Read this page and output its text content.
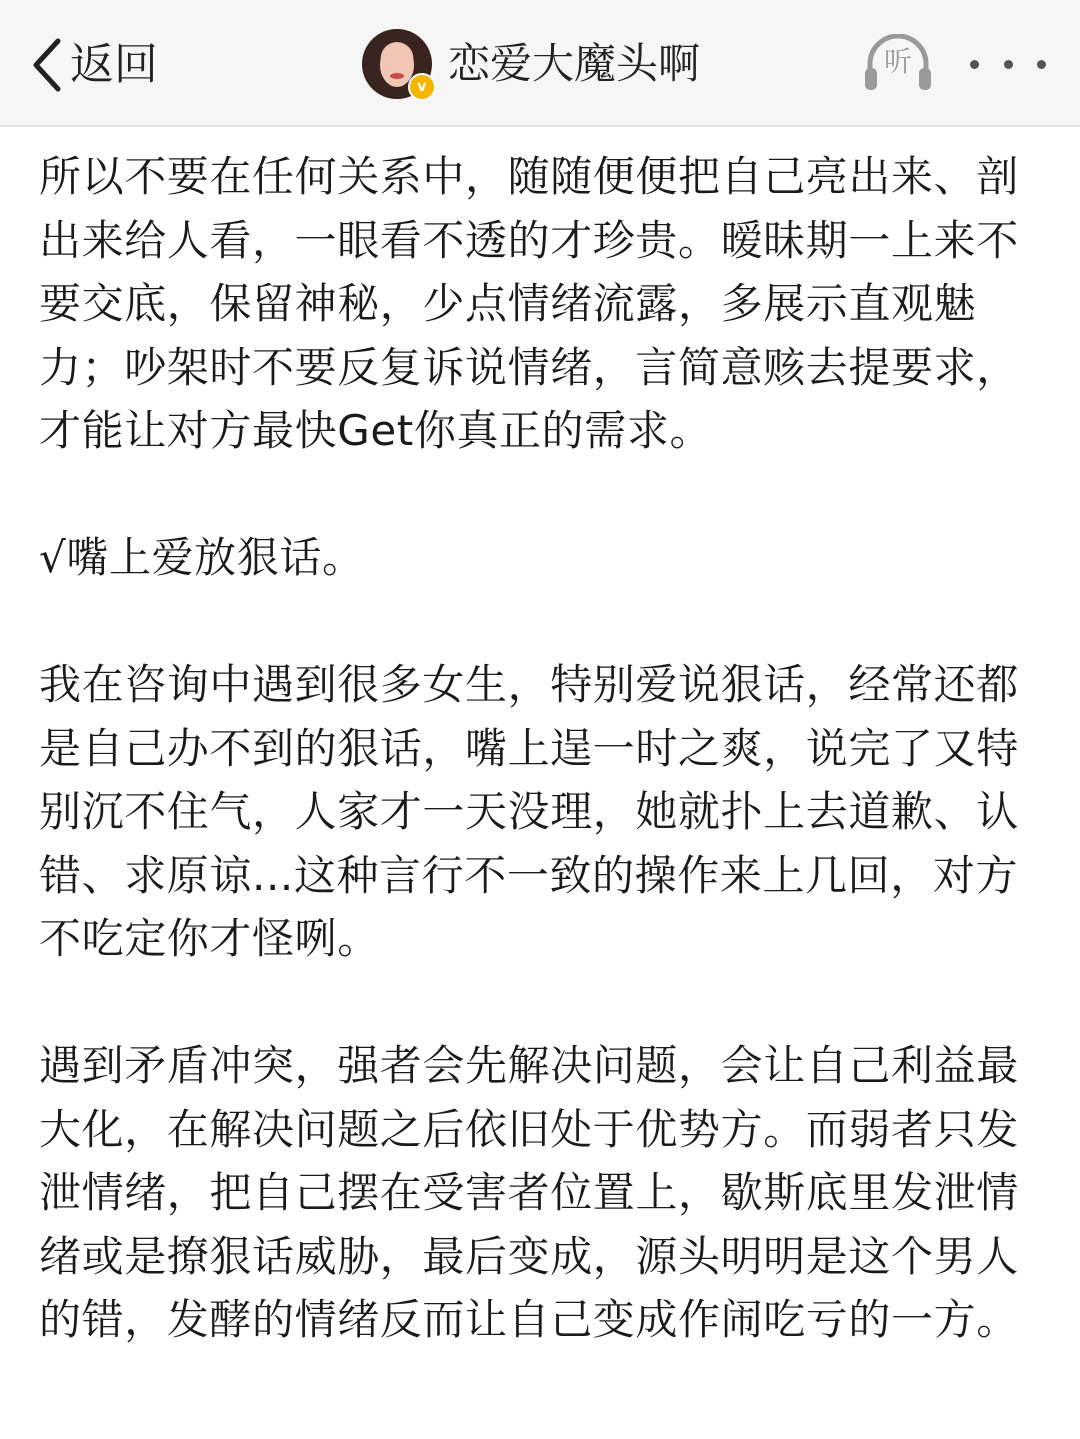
返回	v 恋爱大魔头啊	听

所以不要在任何关系中，随随便便把自己亮出来、剖出来给人看，一眼看不透的才珍贵。暧昧期一上来不要交底，保留神秘，少点情绪流露，多展示直观魅力；吵架时不要反复诉说情绪，言简意赅去提要求，才能让对方最快Get你真正的需求。

√嘴上爱放狠话。

我在咨询中遇到很多女生，特别爱说狠话，经常还都是自己办不到的狠话，嘴上逞一时之爽，说完了又特别沉不住气，人家才一天没理，她就扑上去道歉、认错、求原谅...这种言行不一致的操作来上几回，对方不吃定你才怪咧。

遇到矛盾冲突，强者会先解决问题，会让自己利益最大化，在解决问题之后依旧处于优势方。而弱者只发泄情绪，把自己摆在受害者位置上，歇斯底里发泄情绪或是撩狠话威胁，最后变成，源头明明是这个男人的错，发酵的情绪反而让自己变成作闹吃亏的一方。
